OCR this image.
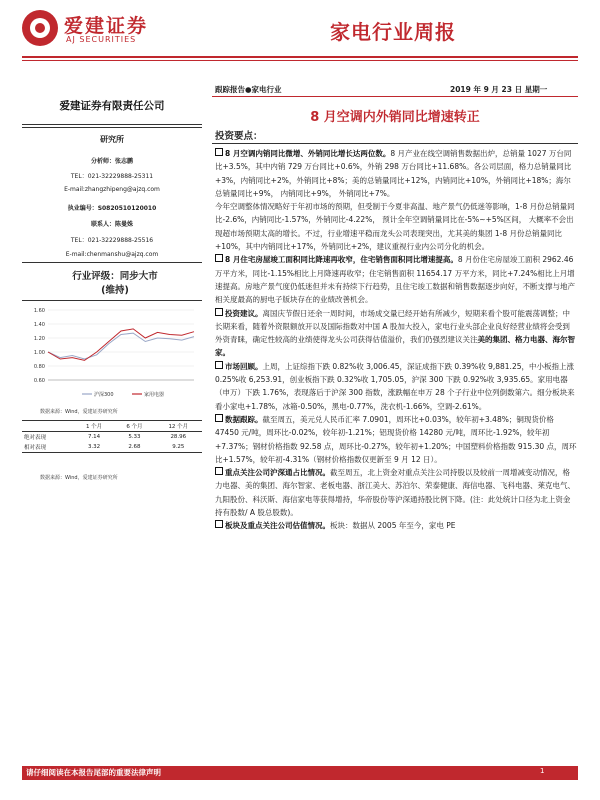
爱建证券
AJ SECURITIES	家电行业周报
跟踪报告●家电行业	2019 年 9 月 23 日 星期一
8 月空调内外销同比增速转正
爱建证券有限责任公司
研究所
分析师：张志鹏
TEL：021-32229888-25311
E-mail:zhangzhipeng@ajzq.com
执业编号：S0820510120010
联系人：陈曼姝
TEL：021-32229888-25516
E-mail:chenmanshu@ajzq.com
行业评级：同步大市
(维持)
1.60
1.40
1.20
1.00
0.80
0.60
沪深300	家用电器
数据来源：Wind，爱建证券研究所
	1 个月	6 个月	12 个月
绝对表现	7.14	5.33	28.96
相对表现	3.32	2.68	9.25
数据来源：Wind，爱建证券研究所
投资要点：

8 月空调内销同比微增、外销同比增长达两位数。8 月产业在线空调销售数据出炉，总销量 1027 万台同比+3.5%，其中内销 729 万台同比+0.6%，外销 298 万台同比+11.68%。各公司层面，格力总销量同比+3%，内销同比+2%，外销同比+8%；美的总销量同比+12%，内销同比+10%，外销同比+18%；海尔总销量同比+9%， 内销同比+9%， 外销同比+7%。

今年空调整体情况略好于年初市场的预期，但受制于今夏非高温、地产景气仍低迷等影响，1-8 月份总销量同比-2.6%，内销同比-1.57%，外销同比-4.22%， 预计全年空调销量同比在-5%~+5%区间， 大概率不会出现超市场预期太高的增长。不过，行业增速平稳而龙头公司表现突出，尤其美的集团 1-8 月份总销量同比+10%，其中内销同比+17%，外销同比+2%，建议重视行业内公司分化的机会。

8 月住宅房屋竣工面积同比降速再收窄，住宅销售面积同比增速提高。8 月份住宅房屋竣工面积 2962.46 万平方米，同比-1.15%相比上月降速再收窄；住宅销售面积 11654.17 万平方米，同比+7.24%相比上月增速提高。房地产景气度仍低迷但并未有持续下行趋势，且住宅竣工数据和销售数据逐步向好，不断支撑与地产相关度最高的厨电子版块存在的业绩改善机会。

投资建议。离国庆节假日还余一周时间，市场成交量已经开始有所减少，短期来看个股可能震荡调整；中长期来看，随着外资限额放开以及国际指数对中国 A 股加大投入，家电行业头部企业良好经营业绩将会受到外资青睐，确定性较高的业绩使得龙头公司获得估值溢价，我们仍强烈建议关注美的集团、格力电器、海尔智家。

市场回顾。上周，上证综指下跌 0.82%收 3,006.45，深证成指下跌 0.39%收 9,881.25，中小板指上涨 0.25%收 6,253.91，创业板指下跌 0.32%收 1,705.05，沪深 300 下跌 0.92%收 3,935.65。家用电器（申万）下跌 1.76%，表现落后于沪深 300 指数，涨跌幅在申万 28 个子行业中位列倒数第六。细分板块来看小家电+1.78%，冰箱-0.50%，黑电-0.77%，洗衣机-1.66%，空调-2.61%。

数据跟踪。截至周五，美元兑人民币汇率 7.0901，周环比+0.03%，较年初+3.48%；铜现货价格 47450 元/吨，周环比-0.02%，较年初-1.21%；铝现货价格 14280 元/吨，周环比-1.92%，较年初+7.37%；钢材价格指数 92.58 点，周环比-0.27%，较年初+1.20%；中国塑料价格指数 915.30 点，周环比+1.57%，较年初-4.31%（钢材价格指数仅更新至 9 月 12 日）。

重点关注公司沪深通占比情况。截至周五，北上资金对重点关注公司持股以及较前一周增减变动情况，格力电器、美的集团、海尔智家、老板电器、浙江美大、苏泊尔、荣泰健康、海信电器、飞科电器、莱克电气、九阳股份、科沃斯、海信家电等获得增持，华帝股份等沪深通持股比例下降。(注：此处统计口径为北上资金持有股数/ A 股总股数)。

板块及重点关注公司估值情况。板块：数据从 2005 年至今，家电 PE

请仔细阅读在本报告尾部的重要法律声明	1
